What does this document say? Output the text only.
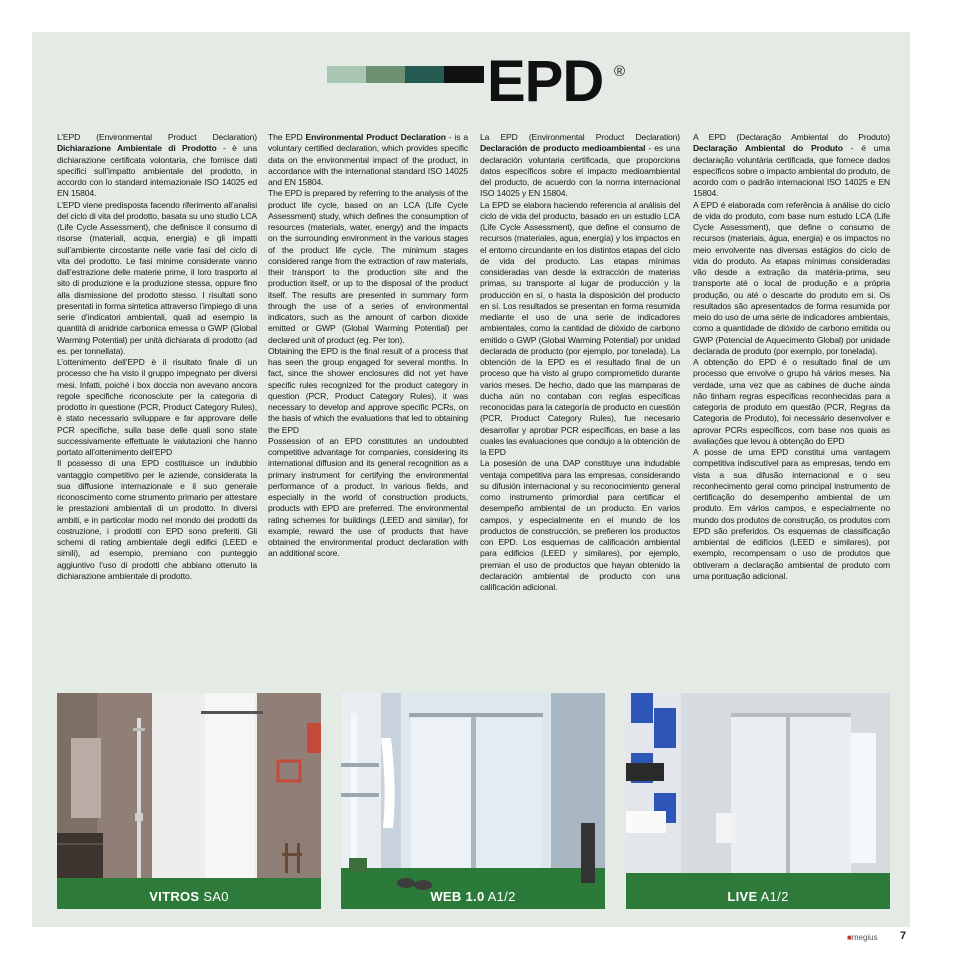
EPD ®

L’EPD (Environmental Product Declaration) Dichiarazione Ambientale di Prodotto - è una dichiarazione certificata volontaria, che fornisce dati specifici sull’impatto ambientale del prodotto, in accordo con lo standard internazionale ISO 14025 ed EN 15804.

L’EPD viene predisposta facendo riferimento all’analisi del ciclo di vita del prodotto, basata su uno studio LCA (Life Cycle Assessment), che definisce il consumo di risorse (materiali, acqua, energia) e gli impatti sull’ambiente circostante nelle varie fasi del ciclo di vita del prodotto. Le fasi minime considerate vanno dall’estrazione delle materie prime, il loro trasporto al sito di produzione e la produzione stessa, oppure fino alla dismissione del prodotto stesso. I risultati sono presentati in forma sintetica attraverso l’impiego di una serie d’indicatori ambientali, quali ad esempio la quantità di anidride carbonica emessa o GWP (Global Warming Potential) per unità dichiarata di prodotto (ad es. per tonnellata).

L’ottenimento dell’EPD è il risultato finale di un processo che ha visto il gruppo impegnato per diversi mesi. Infatti, poiché i box doccia non avevano ancora regole specifiche riconosciute per la categoria di prodotto in questione (PCR, Product Category Rules), è stato necessario sviluppare e far approvare delle PCR specifiche, sulla base delle quali sono state successivamente effettuate le valutazioni che hanno portato all’ottenimento dell’EPD

Il possesso di una EPD costituisce un indubbio vantaggio competitivo per le aziende, considerata la sua diffusione internazionale e il suo generale riconoscimento come strumento primario per attestare le prestazioni ambientali di un prodotto. In diversi ambiti, e in particolar modo nel mondo dei prodotti da costruzione, i prodotti con EPD sono preferiti. Gli schemi di rating ambientale degli edifici (LEED e simili), ad esempio, premiano con punteggio aggiuntivo l’uso di prodotti che abbiano ottenuto la dichiarazione ambientale di prodotto.

The EPD Environmental Product Declaration - is a voluntary certified declaration, which provides specific data on the environmental impact of the product, in accordance with the international standard ISO 14025 and EN 15804.

The EPD is prepared by referring to the analysis of the product life cycle, based on an LCA (Life Cycle Assessment) study, which defines the consumption of resources (materials, water, energy) and the impacts on the surrounding environment in the various stages of the product life cycle. The minimum stages considered range from the extraction of raw materials, their transport to the production site and the production itself, or up to the disposal of the product itself. The results are presented in summary form through the use of a series of environmental indicators, such as the amount of carbon dioxide emitted or GWP (Global Warming Potential) per declared unit of product (eg. Per ton).

Obtaining the EPD is the final result of a process that has seen the group engaged for several months. In fact, since the shower enclosures did not yet have specific rules recognized for the product category in question (PCR, Product Category Rules), it was necessary to develop and approve specific PCRs, on the basis of which the evaluations that led to obtaining the EPD

Possession of an EPD constitutes an undoubted competitive advantage for companies, considering its international diffusion and its general recognition as a primary instrument for certifying the environmental performance of a product. In various fields, and especially in the world of construction products, products with EPD are preferred. The environmental rating schemes for buildings (LEED and similar), for example, reward the use of products that have obtained the environmental product declaration with an additional score.

La EPD (Environmental Product Declaration) Declaración de producto medioambiental - es una declaración voluntaria certificada, que proporciona datos específicos sobre el impacto medioambiental del producto, de acuerdo con la norma internacional ISO 14025 y EN 15804.

La EPD se elabora haciendo referencia al análisis del ciclo de vida del producto, basado en un estudio LCA (Life Cycle Assessment), que define el consumo de recursos (materiales, agua, energía) y los impactos en el entorno circundante en los distintos etapas del ciclo de vida del producto. Las etapas mínimas consideradas van desde la extracción de materias primas, su transporte al lugar de producción y la producción en sí, o hasta la disposición del producto en sí. Los resultados se presentan en forma resumida mediante el uso de una serie de indicadores ambientales, como la cantidad de dióxido de carbono emitido o GWP (Global Warming Potential) por unidad declarada de producto (por ejemplo, por tonelada). La obtención de la EPD es el resultado final de un proceso que ha visto al grupo comprometido durante varios meses. De hecho, dado que las mamparas de ducha aún no contaban con reglas específicas reconocidas para la categoría de producto en cuestión (PCR, Product Category Rules), fue necesario desarrollar y aprobar PCR específicas, en base a las cuales las evaluaciones que condujo a la obtención de la EPD

La posesión de una DAP constituye una indudable ventaja competitiva para las empresas, considerando su difusión internacional y su reconocimiento general como instrumento primordial para certificar el desempeño ambiental de un producto. En varios campos, y especialmente en el mundo de los productos de construcción, se prefieren los productos con EPD. Los esquemas de calificación ambiental para edificios (LEED y similares), por ejemplo, premian el uso de productos que hayan obtenido la declaración ambiental de producto con una calificación adicional.

A EPD (Declaração Ambiental do Produto) Declaração Ambiental do Produto - é uma declaração voluntária certificada, que fornece dados específicos sobre o impacto ambiental do produto, de acordo com o padrão internacional ISO 14025 e EN 15804.

A EPD é elaborada com referência à análise do ciclo de vida do produto, com base num estudo LCA (Life Cycle Assessment), que define o consumo de recursos (materiais, água, energia) e os impactos no meio envolvente nas diversas estágios do ciclo de vida do produto. As etapas mínimas consideradas vão desde a extração da matéria-prima, seu transporte até o local de produção e a própria produção, ou até o descarte do produto em si. Os resultados são apresentados de forma resumida por meio do uso de uma série de indicadores ambientais, como a quantidade de dióxido de carbono emitida ou GWP (Potencial de Aquecimento Global) por unidade declarada de produto (por exemplo, por tonelada).

A obtenção do EPD é o resultado final de um processo que envolve o grupo há vários meses. Na verdade, uma vez que as cabines de duche ainda não tinham regras específicas reconhecidas para a categoria de produto em questão (PCR, Regras da Categoria de Produto), foi necessário desenvolver e aprovar PCRs específicos, com base nos quais as avaliações que levou à obtenção do EPD

A posse de uma EPD constitui uma vantagem competitiva indiscutível para as empresas, tendo em vista a sua difusão internacional e o seu reconhecimento geral como principal instrumento de certificação do desempenho ambiental de um produto. Em vários campos, e especialmente no mundo dos produtos de construção, os produtos com EPD são preferidos. Os esquemas de classificação ambiental de edifícios (LEED e similares), por exemplo, recompensam o uso de produtos que obtiveram a declaração ambiental de produto com uma pontuação adicional.

VITROS SA0	WEB 1.0 A1/2	LIVE A1/2
■megius 7
